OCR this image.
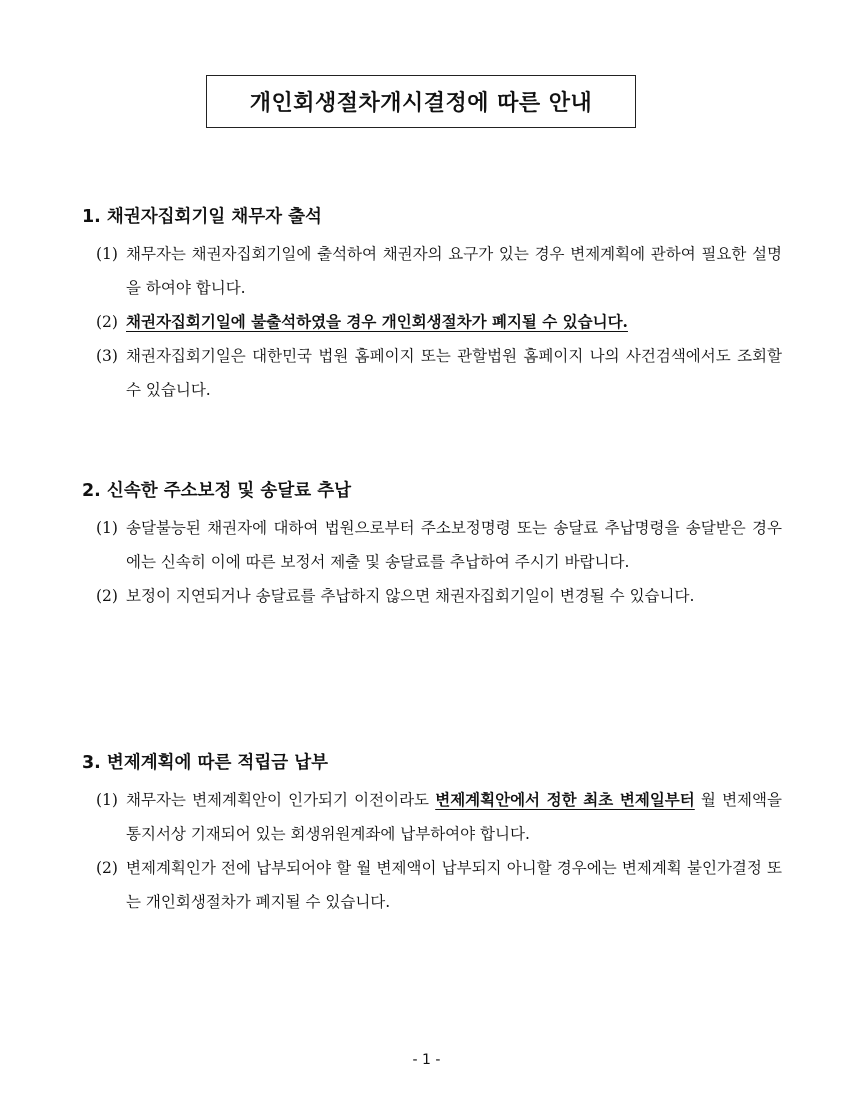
개인회생절차개시결정에 따른 안내
1. 채권자집회기일 채무자 출석
(1) 채무자는 채권자집회기일에 출석하여 채권자의 요구가 있는 경우 변제계획에 관하여 필요한 설명을 하여야 합니다.
(2) 채권자집회기일에 불출석하였을 경우 개인회생절차가 폐지될 수 있습니다.
(3) 채권자집회기일은 대한민국 법원 홈페이지 또는 관할법원 홈페이지 나의 사건검색에서도 조회할 수 있습니다.
2. 신속한 주소보정 및 송달료 추납
(1) 송달불능된 채권자에 대하여 법원으로부터 주소보정명령 또는 송달료 추납명령을 송달받은 경우에는 신속히 이에 따른 보정서 제출 및 송달료를 추납하여 주시기 바랍니다.
(2) 보정이 지연되거나 송달료를 추납하지 않으면 채권자집회기일이 변경될 수 있습니다.
3. 변제계획에 따른 적립금 납부
(1) 채무자는 변제계획안이 인가되기 이전이라도 변제계획안에서 정한 최초 변제일부터 월 변제액을 통지서상 기재되어 있는 회생위원계좌에 납부하여야 합니다.
(2) 변제계획인가 전에 납부되어야 할 월 변제액이 납부되지 아니할 경우에는 변제계획 불인가결정 또는 개인회생절차가 폐지될 수 있습니다.
- 1 -
